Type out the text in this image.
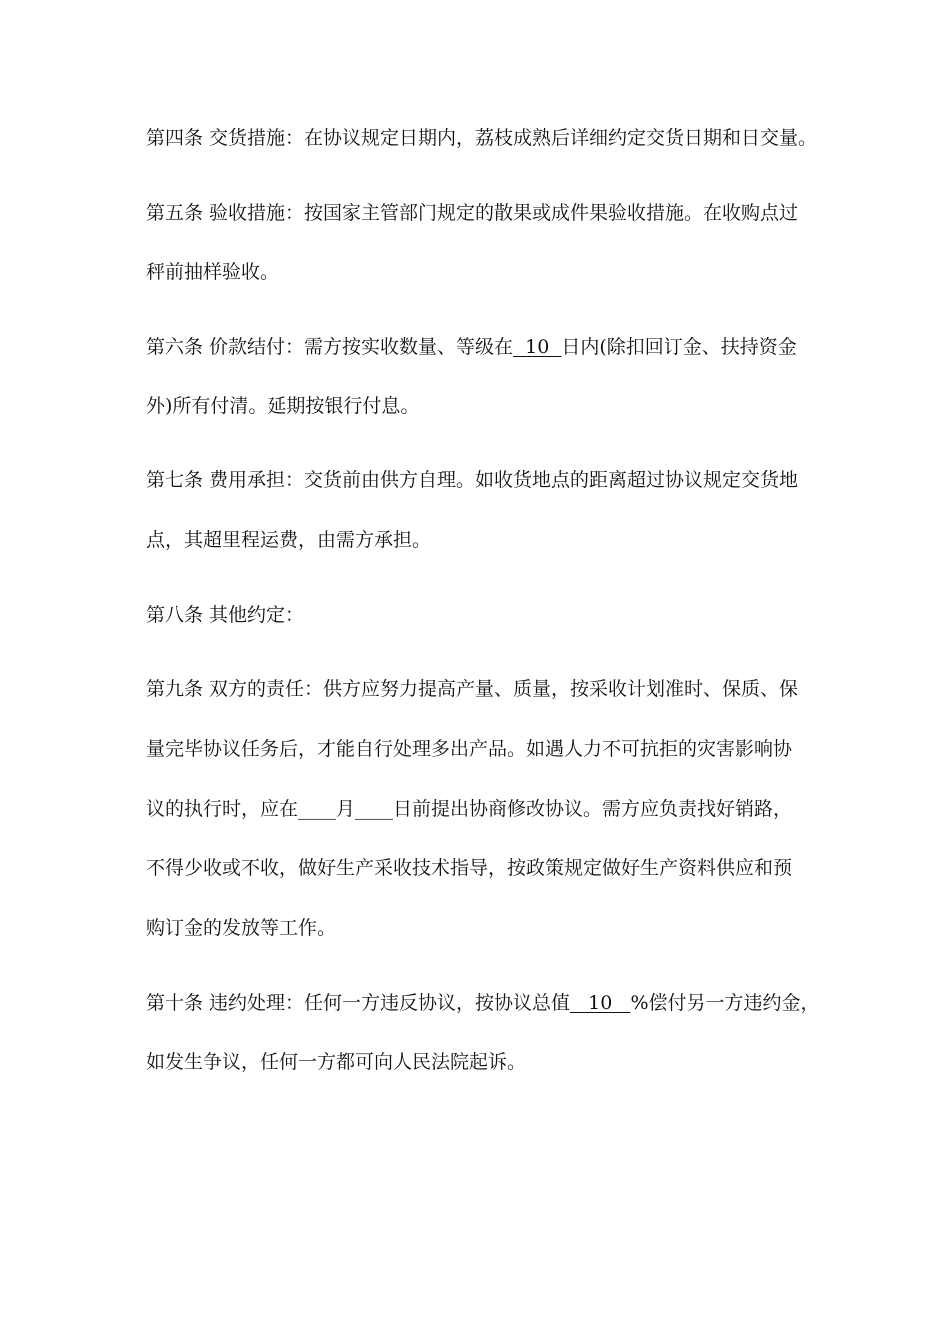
第四条 交货措施：在协议规定日期内，荔枝成熟后详细约定交货日期和日交量。
第五条 验收措施：按国家主管部门规定的散果或成件果验收措施。在收购点过
秤前抽样验收。
第六条 价款结付：需方按实收数量、等级在  10  日内(除扣回订金、扶持资金
外)所有付清。延期按银行付息。
第七条 费用承担：交货前由供方自理。如收货地点的距离超过协议规定交货地
点，其超里程运费，由需方承担。
第八条 其他约定：
第九条 双方的责任：供方应努力提高产量、质量，按采收计划准时、保质、保
量完毕协议任务后，才能自行处理多出产品。如遇人力不可抗拒的灾害影响协
议的执行时，应在____月____日前提出协商修改协议。需方应负责找好销路，
不得少收或不收，做好生产采收技术指导，按政策规定做好生产资料供应和预
购订金的发放等工作。
第十条 违约处理：任何一方违反协议，按协议总值   10   %偿付另一方违约金，
如发生争议，任何一方都可向人民法院起诉。
